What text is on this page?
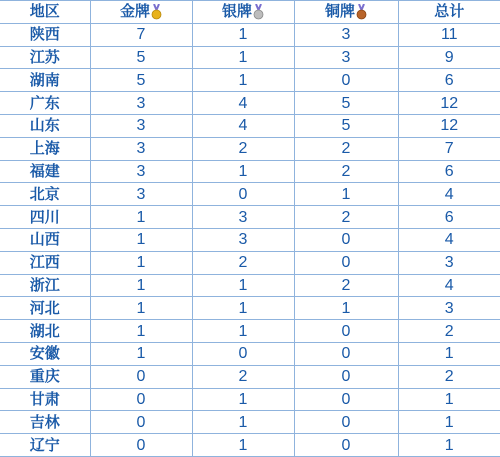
地区	金牌	银牌	铜牌	总计
陕西	7	1	3	11
江苏	5	1	3	9
湖南	5	1	0	6
广东	3	4	5	12
山东	3	4	5	12
上海	3	2	2	7
福建	3	1	2	6
北京	3	0	1	4
四川	1	3	2	6
山西	1	3	0	4
江西	1	2	0	3
浙江	1	1	2	4
河北	1	1	1	3
湖北	1	1	0	2
安徽	1	0	0	1
重庆	0	2	0	2
甘肃	0	1	0	1
吉林	0	1	0	1
辽宁	0	1	0	1
